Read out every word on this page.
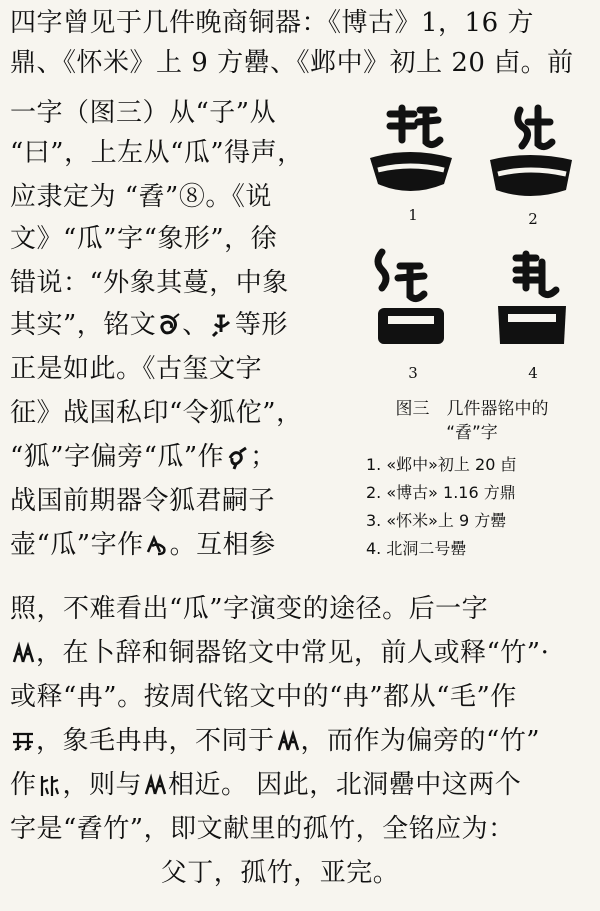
四字曾见于几件晚商铜器：《博古》1，16 方
鼎、《怀米》上 9 方罍、《邺中》初上 20 卣。前
一字（图三）从“子”从
“曰”，上左从“瓜”得声，
应隶定为 “孴”⑧。《说
文》“瓜”字“象形”，徐
错说：“外象其蔓，中象
其实”，铭文 、 等形
正是如此。《古玺文字
征》战国私印“令狐佗”，
“狐”字偏旁“瓜”作 ；
战国前期器令狐君嗣子
壶“瓜”字作 。互相参
1	2
3	4
图三　几件器铭中的
“孴”字
1. «邺中»初上 20 卣
2. «博古» 1.16 方鼎
3. «怀米»上 9 方罍
4. 北洞二号罍
照，不难看出“瓜”字演变的途径。后一字
，在卜辞和铜器铭文中常见，前人或释“竹”·
或释“冉”。按周代铭文中的“冉”都从“毛”作
，象毛冉冉，不同于 ，而作为偏旁的“竹”
作 ，则与 相近。 因此，北洞罍中这两个
字是“孴竹”，即文献里的孤竹，全铭应为：
父丁，孤竹，亚完。
